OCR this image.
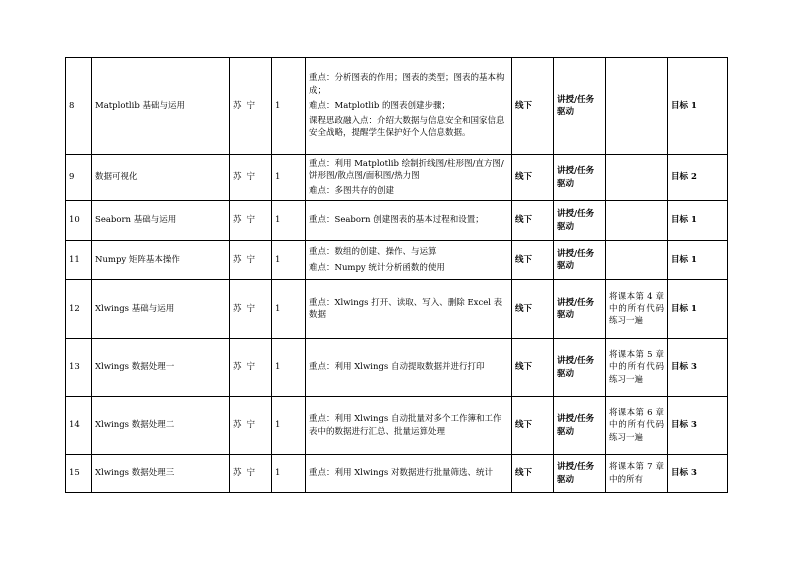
8	Matplotlib 基础与运用	苏宁	1	重点：分析图表的作用；图表的类型；图表的基本构成；

难点：Matplotlib 的图表创建步骤；

课程思政融入点：介绍大数据与信息安全和国家信息安全战略，提醒学生保护好个人信息数据。	线下	讲授/任务驱动		目标 1
9	数据可视化	苏宁	1	重点：利用 Matplotlib 绘制折线图/柱形图/直方图/饼形图/散点图/面积图/热力图

难点：多图共存的创建	线下	讲授/任务驱动		目标 2
10	Seaborn 基础与运用	苏宁	1	重点：Seaborn 创建图表的基本过程和设置；	线下	讲授/任务驱动		目标 1
11	Numpy 矩阵基本操作	苏宁	1	重点：数组的创建、操作、与运算

难点：Numpy 统计分析函数的使用	线下	讲授/任务驱动		目标 1
12	Xlwings 基础与运用	苏宁	1	重点：Xlwings 打开、读取、写入、删除 Excel 表数据	线下	讲授/任务驱动	将课本第 4 章中的所有代码练习一遍	目标 1
13	Xlwings 数据处理一	苏宁	1	重点：利用 Xlwings 自动提取数据并进行打印	线下	讲授/任务驱动	将课本第 5 章中的所有代码练习一遍	目标 3
14	Xlwings 数据处理二	苏宁	1	重点：利用 Xlwings 自动批量对多个工作簿和工作表中的数据进行汇总、批量运算处理	线下	讲授/任务驱动	将课本第 6 章中的所有代码练习一遍	目标 3
15	Xlwings 数据处理三	苏宁	1	重点：利用 Xlwings 对数据进行批量筛选、统计	线下	讲授/任务驱动	将课本第 7 章中的所有	目标 3
